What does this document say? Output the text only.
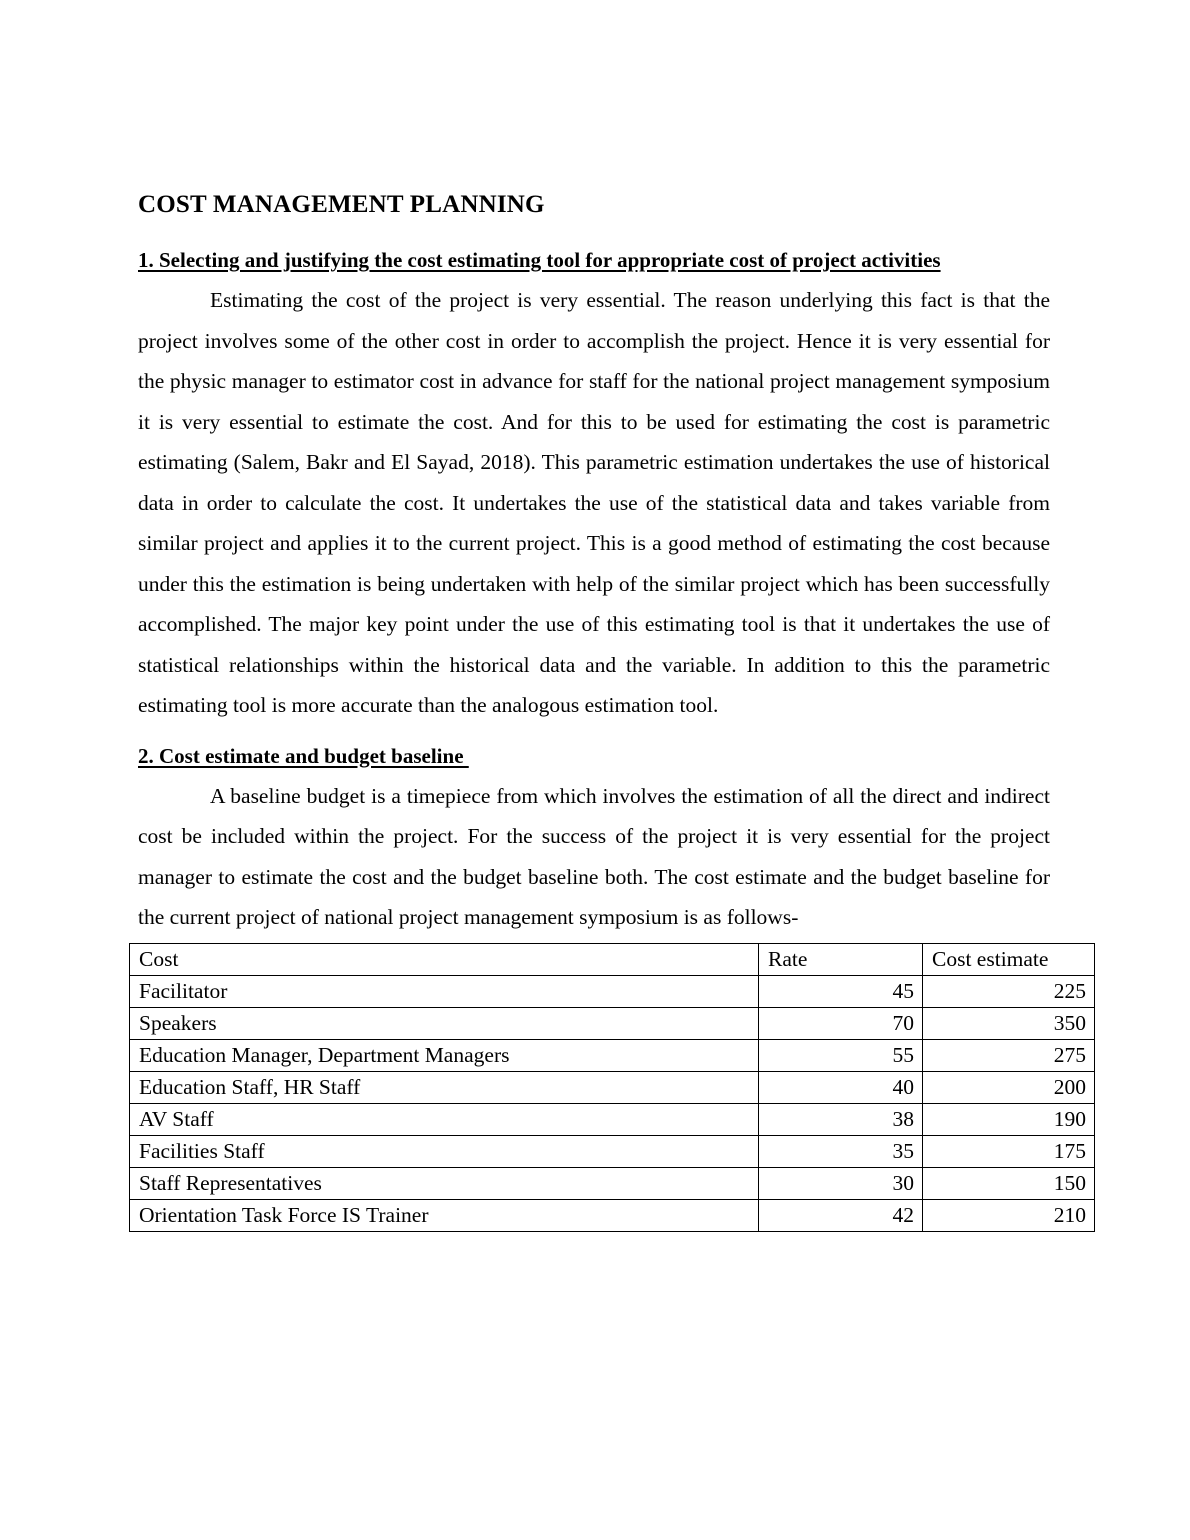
COST MANAGEMENT PLANNING
1. Selecting and justifying the cost estimating tool for appropriate cost of project activities

Estimating the cost of the project is very essential. The reason underlying this fact is that the project involves some of the other cost in order to accomplish the project. Hence it is very essential for the physic manager to estimator cost in advance for staff for the national project management symposium it is very essential to estimate the cost. And for this to be used for estimating the cost is parametric estimating (Salem, Bakr and El Sayad, 2018). This parametric estimation undertakes the use of historical data in order to calculate the cost. It undertakes the use of the statistical data and takes variable from similar project and applies it to the current project. This is a good method of estimating the cost because under this the estimation is being undertaken with help of the similar project which has been successfully accomplished. The major key point under the use of this estimating tool is that it undertakes the use of statistical relationships within the historical data and the variable. In addition to this the parametric estimating tool is more accurate than the analogous estimation tool.

2. Cost estimate and budget baseline

A baseline budget is a timepiece from which involves the estimation of all the direct and indirect cost be included within the project. For the success of the project it is very essential for the project manager to estimate the cost and the budget baseline both. The cost estimate and the budget baseline for the current project of national project management symposium is as follows-

Cost	Rate	Cost estimate
Facilitator	45	225
Speakers	70	350
Education Manager, Department Managers	55	275
Education Staff, HR Staff	40	200
AV Staff	38	190
Facilities Staff	35	175
Staff Representatives	30	150
Orientation Task Force IS Trainer	42	210
